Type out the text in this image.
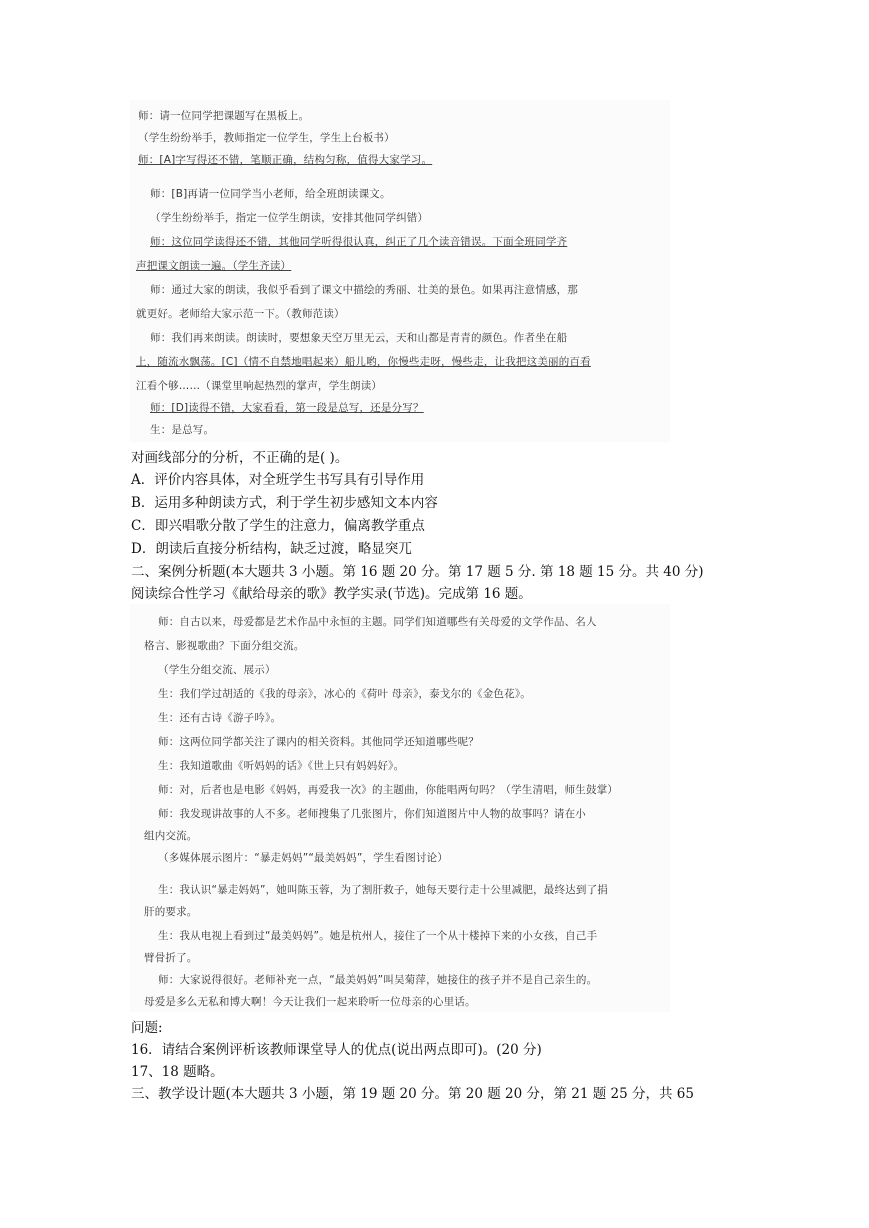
师：请一位同学把课题写在黑板上。

（学生纷纷举手，教师指定一位学生，学生上台板书）

师：[A]字写得还不错，笔顺正确，结构匀称，值得大家学习。

师：[B]再请一位同学当小老师，给全班朗读课文。

（学生纷纷举手，指定一位学生朗读，安排其他同学纠错）

师：这位同学读得还不错，其他同学听得很认真，纠正了几个读音错误。下面全班同学齐

声把课文朗读一遍。（学生齐读）

师：通过大家的朗读，我似乎看到了课文中描绘的秀丽、壮美的景色。如果再注意情感，那

就更好。老师给大家示范一下。（教师范读）

师：我们再来朗读。朗读时，要想象天空万里无云，天和山都是青青的颜色。作者坐在船

上，随流水飘荡。[C]（情不自禁地唱起来）船儿哟，你慢些走呀，慢些走，让我把这美丽的百看

江看个够……（课堂里响起热烈的掌声，学生朗读）

师：[D]读得不错，大家看看，第一段是总写，还是分写？

生：是总写。

对画线部分的分析，不正确的是( )。
A．评价内容具体，对全班学生书写具有引导作用
B．运用多种朗读方式，利于学生初步感知文本内容
C．即兴唱歌分散了学生的注意力，偏离教学重点
D．朗读后直接分析结构，缺乏过渡，略显突兀
二、案例分析题(本大题共 3 小题。第 16 题 20 分。第 17 题 5 分. 第 18 题 15 分。共 40 分)
阅读综合性学习《献给母亲的歌》教学实录(节选)。完成第 16 题。

师：自古以来，母爱都是艺术作品中永恒的主题。同学们知道哪些有关母爱的文学作品、名人

格言、影视歌曲？下面分组交流。

（学生分组交流、展示）

生：我们学过胡适的《我的母亲》，冰心的《荷叶 母亲》，泰戈尔的《金色花》。

生：还有古诗《游子吟》。

师：这两位同学都关注了课内的相关资料。其他同学还知道哪些呢？

生：我知道歌曲《听妈妈的话》《世上只有妈妈好》。

师：对，后者也是电影《妈妈，再爱我一次》的主题曲，你能唱两句吗？（学生清唱，师生鼓掌）

师：我发现讲故事的人不多。老师搜集了几张图片，你们知道图片中人物的故事吗？请在小

组内交流。

（多媒体展示图片：“暴走妈妈”“最美妈妈”，学生看图讨论）

生：我认识“暴走妈妈”，她叫陈玉蓉，为了割肝救子，她每天要行走十公里减肥，最终达到了捐

肝的要求。

生：我从电视上看到过“最美妈妈”。她是杭州人，接住了一个从十楼掉下来的小女孩，自己手

臂骨折了。

师：大家说得很好。老师补充一点，“最美妈妈”叫吴菊萍，她接住的孩子并不是自己亲生的。

母爱是多么无私和博大啊！今天让我们一起来聆听一位母亲的心里话。

问题:
16．请结合案例评析该教师课堂导人的优点(说出两点即可)。(20 分)
17、18 题略。
三、教学设计题(本大题共 3 小题，第 19 题 20 分。第 20 题 20 分，第 21 题 25 分，共 65
